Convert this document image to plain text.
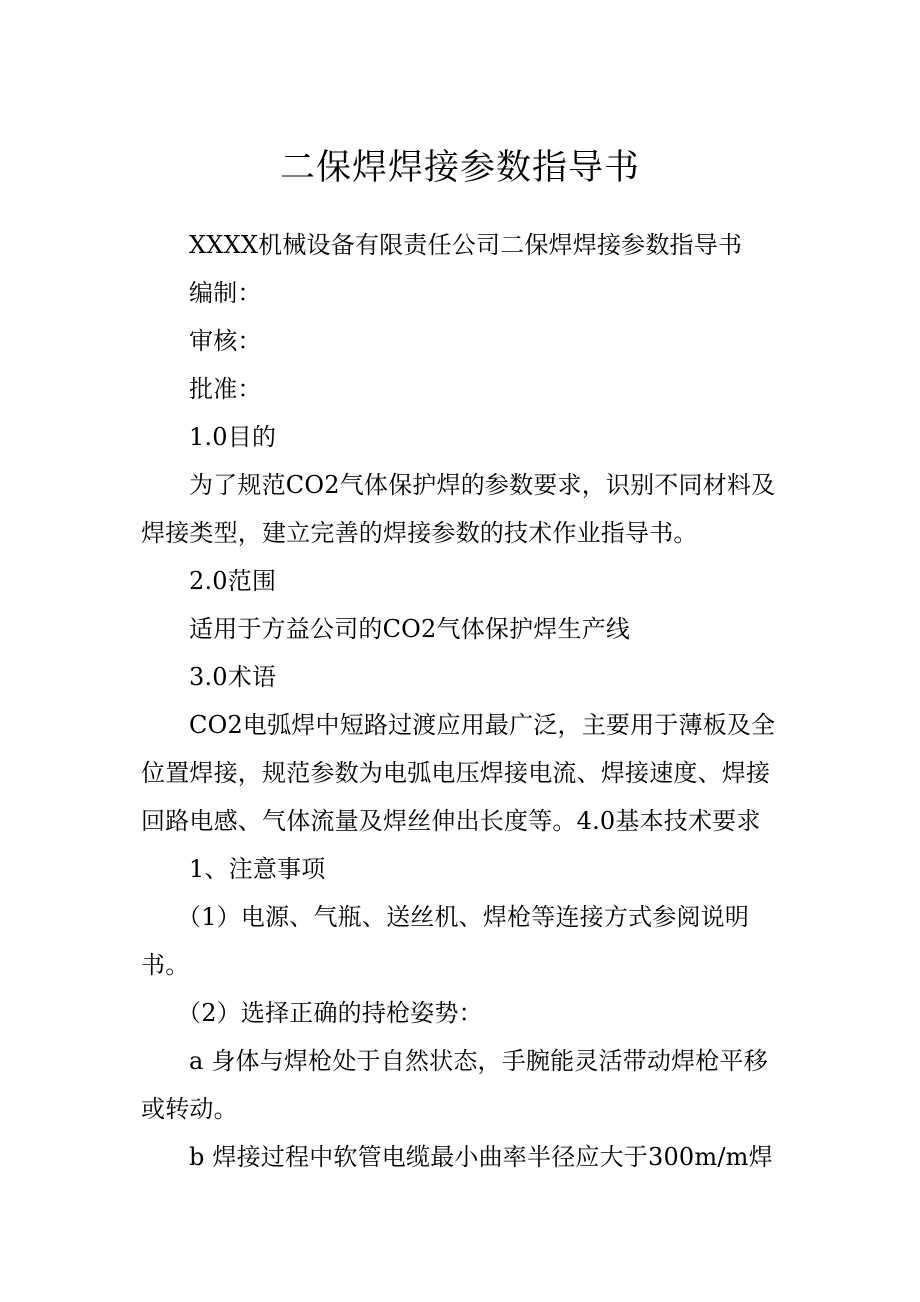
二保焊焊接参数指导书

XXXX机械设备有限责任公司二保焊焊接参数指导书

编制：

审核：

批准：

1.0目的

为了规范CO2气体保护焊的参数要求，识别不同材料及焊接类型，建立完善的焊接参数的技术作业指导书。

2.0范围

适用于方益公司的CO2气体保护焊生产线

3.0术语

CO2电弧焊中短路过渡应用最广泛，主要用于薄板及全位置焊接，规范参数为电弧电压焊接电流、焊接速度、焊接回路电感、气体流量及焊丝伸出长度等。4.0基本技术要求

1、注意事项

（1）电源、气瓶、送丝机、焊枪等连接方式参阅说明书。

（2）选择正确的持枪姿势：

a 身体与焊枪处于自然状态，手腕能灵活带动焊枪平移或转动。

b 焊接过程中软管电缆最小曲率半径应大于300m/m焊
